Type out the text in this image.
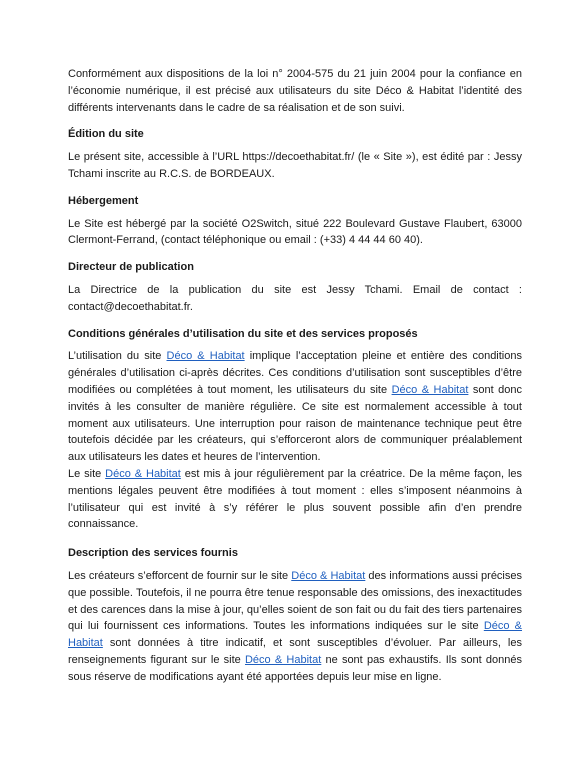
Conformément aux dispositions de la loi n° 2004-575 du 21 juin 2004 pour la confiance en l’économie numérique, il est précisé aux utilisateurs du site Déco & Habitat l’identité des différents intervenants dans le cadre de sa réalisation et de son suivi.

Édition du site

Le présent site, accessible à l’URL https://decoethabitat.fr/ (le « Site »), est édité par : Jessy Tchami inscrite au R.C.S. de BORDEAUX.

Hébergement

Le Site est hébergé par la société O2Switch, situé 222 Boulevard Gustave Flaubert, 63000 Clermont-Ferrand, (contact téléphonique ou email : (+33) 4 44 44 60 40).

Directeur de publication

La Directrice de la publication du site est Jessy Tchami. Email de contact : contact@decoethabitat.fr.

Conditions générales d’utilisation du site et des services proposés

L’utilisation du site Déco & Habitat implique l’acceptation pleine et entière des conditions générales d’utilisation ci-après décrites. Ces conditions d’utilisation sont susceptibles d’être modifiées ou complétées à tout moment, les utilisateurs du site Déco & Habitat sont donc invités à les consulter de manière régulière. Ce site est normalement accessible à tout moment aux utilisateurs. Une interruption pour raison de maintenance technique peut être toutefois décidée par les créateurs, qui s’efforceront alors de communiquer préalablement aux utilisateurs les dates et heures de l’intervention.
Le site Déco & Habitat est mis à jour régulièrement par la créatrice. De la même façon, les mentions légales peuvent être modifiées à tout moment : elles s’imposent néanmoins à l’utilisateur qui est invité à s’y référer le plus souvent possible afin d’en prendre connaissance.

Description des services fournis

Les créateurs s’efforcent de fournir sur le site Déco & Habitat des informations aussi précises que possible. Toutefois, il ne pourra être tenue responsable des omissions, des inexactitudes et des carences dans la mise à jour, qu’elles soient de son fait ou du fait des tiers partenaires qui lui fournissent ces informations. Toutes les informations indiquées sur le site Déco & Habitat sont données à titre indicatif, et sont susceptibles d’évoluer. Par ailleurs, les renseignements figurant sur le site Déco & Habitat ne sont pas exhaustifs. Ils sont donnés sous réserve de modifications ayant été apportées depuis leur mise en ligne.
